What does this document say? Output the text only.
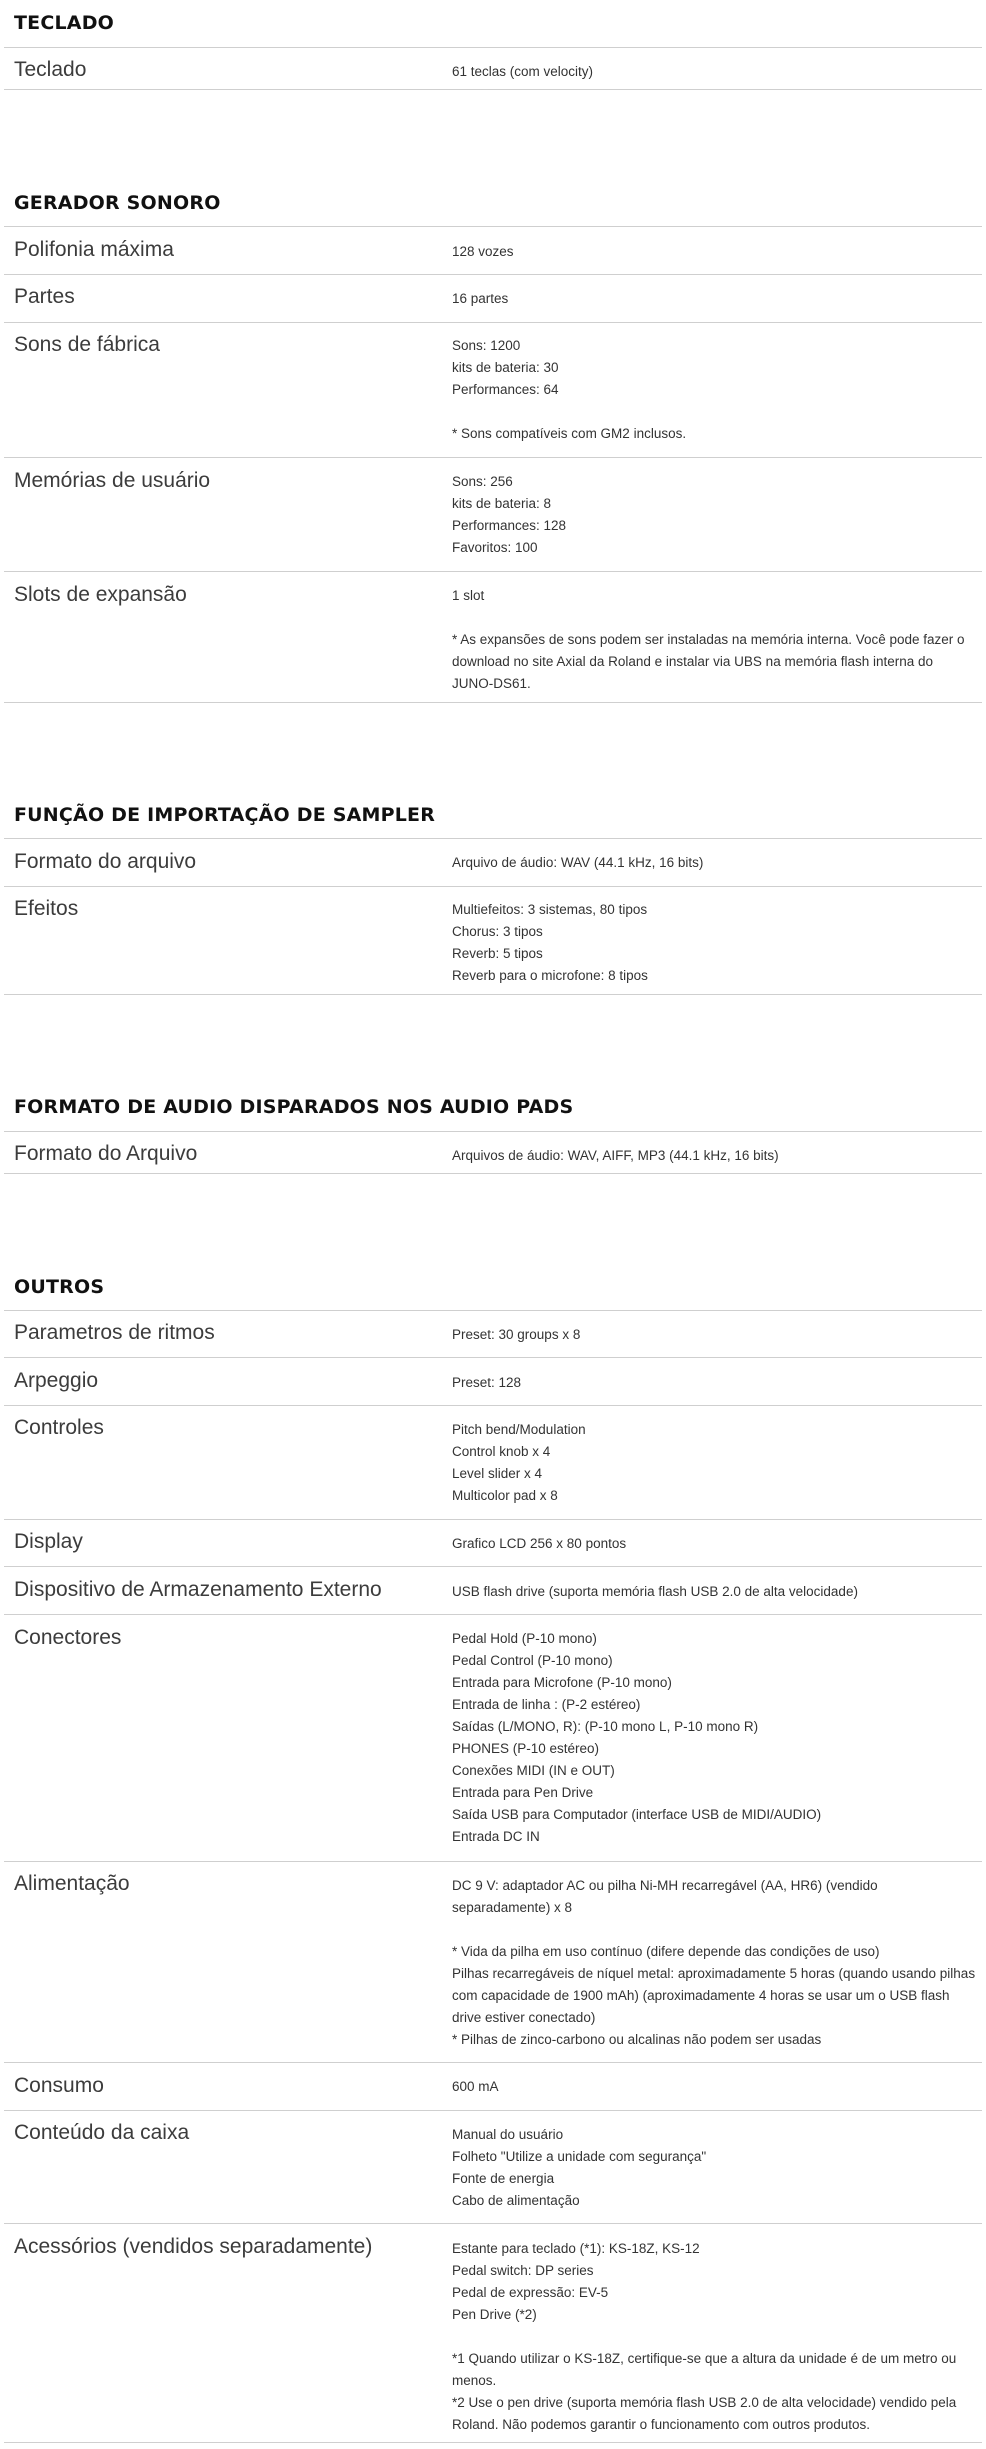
TECLADO
Teclado	61 teclas (com velocity)
GERADOR SONORO
Polifonia máxima	128 vozes
Partes	16 partes
Sons de fábrica	Sons: 1200
kits de bateria: 30
Performances: 64
* Sons compatíveis com GM2 inclusos.
Memórias de usuário	Sons: 256
kits de bateria: 8
Performances: 128
Favoritos: 100
Slots de expansão	1 slot
* As expansões de sons podem ser instaladas na memória interna. Você pode fazer o download no site Axial da Roland e instalar via UBS na memória flash interna do JUNO-DS61.
FUNÇÃO DE IMPORTAÇÃO DE SAMPLER
Formato do arquivo	Arquivo de áudio: WAV (44.1 kHz, 16 bits)
Efeitos	Multiefeitos: 3 sistemas, 80 tipos
Chorus: 3 tipos
Reverb: 5 tipos
Reverb para o microfone: 8 tipos
FORMATO DE AUDIO DISPARADOS NOS AUDIO PADS
Formato do Arquivo	Arquivos de áudio: WAV, AIFF, MP3 (44.1 kHz, 16 bits)
OUTROS
Parametros de ritmos	Preset: 30 groups x 8
Arpeggio	Preset: 128
Controles	Pitch bend/Modulation
Control knob x 4
Level slider x 4
Multicolor pad x 8
Display	Grafico LCD 256 x 80 pontos
Dispositivo de Armazenamento Externo	USB flash drive (suporta memória flash USB 2.0 de alta velocidade)
Conectores	Pedal Hold (P-10 mono)
Pedal Control (P-10 mono)
Entrada para Microfone (P-10 mono)
Entrada de linha : (P-2 estéreo)
Saídas (L/MONO, R): (P-10 mono L, P-10 mono R)
PHONES (P-10 estéreo)
Conexões MIDI (IN e OUT)
Entrada para Pen Drive
Saída USB para Computador (interface USB de MIDI/AUDIO)
Entrada DC IN
Alimentação	DC 9 V: adaptador AC ou pilha Ni-MH recarregável (AA, HR6) (vendido separadamente) x 8
* Vida da pilha em uso contínuo (difere depende das condições de uso)
Pilhas recarregáveis de níquel metal: aproximadamente 5 horas (quando usando pilhas com capacidade de 1900 mAh) (aproximadamente 4 horas se usar um o USB flash drive estiver conectado)
* Pilhas de zinco-carbono ou alcalinas não podem ser usadas
Consumo	600 mA
Conteúdo da caixa	Manual do usuário
Folheto "Utilize a unidade com segurança"
Fonte de energia
Cabo de alimentação
Acessórios (vendidos separadamente)	Estante para teclado (*1): KS-18Z, KS-12
Pedal switch: DP series
Pedal de expressão: EV-5
Pen Drive (*2)
*1 Quando utilizar o KS-18Z, certifique-se que a altura da unidade é de um metro ou menos.
*2 Use o pen drive (suporta memória flash USB 2.0 de alta velocidade) vendido pela Roland. Não podemos garantir o funcionamento com outros produtos.
